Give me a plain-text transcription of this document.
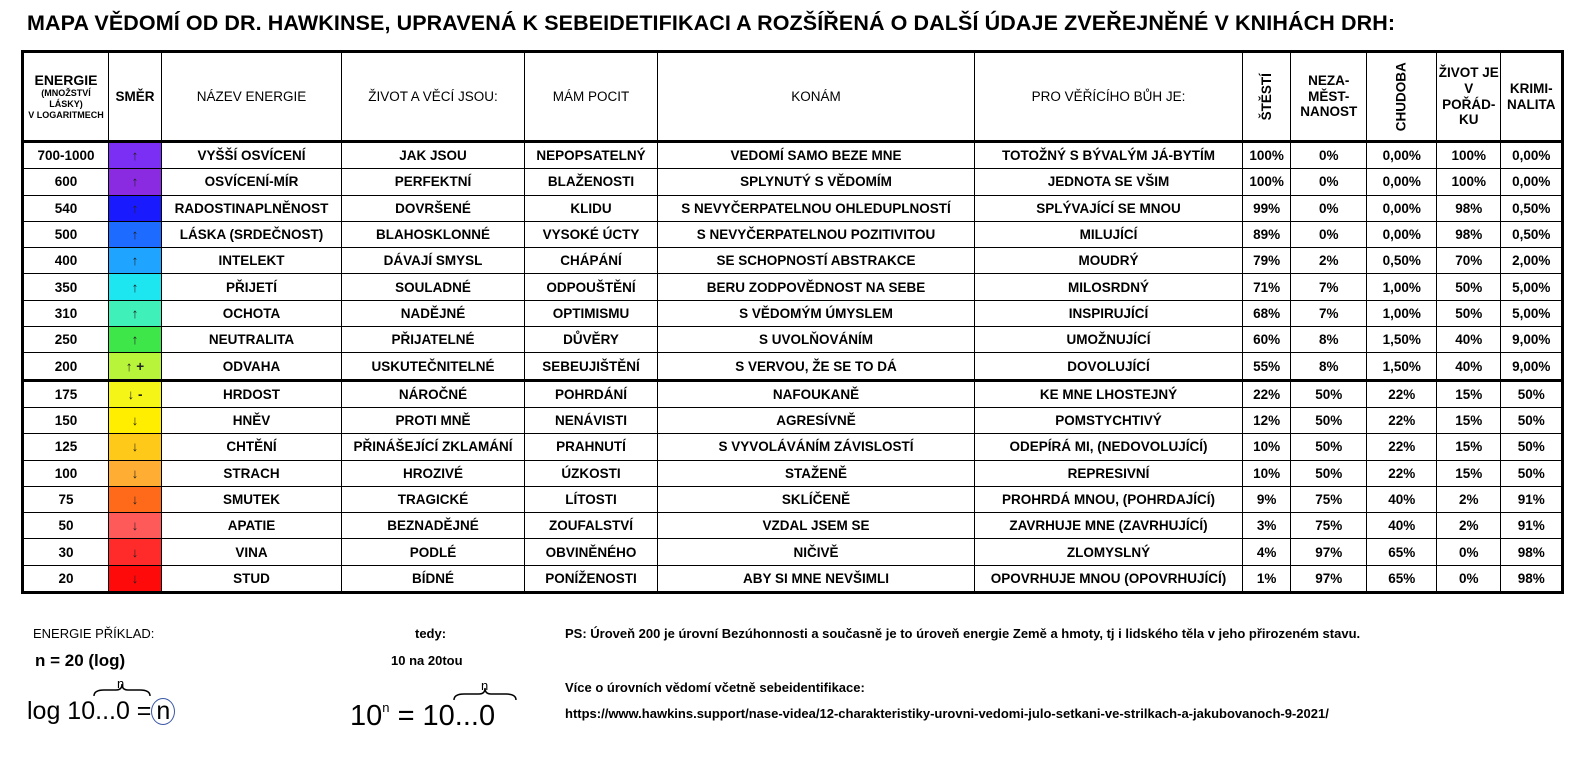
MAPA VĚDOMÍ OD DR. HAWKINSE, UPRAVENÁ K SEBEIDETIFIKACI A ROZŠÍŘENÁ O DALŠÍ ÚDAJE ZVEŘEJNĚNÉ V KNIHÁCH DRH:
ENERGIE
(MNOŽSTVÍ
LÁSKY)
V LOGARITMECH	SMĚR	NÁZEV ENERGIE	ŽIVOT A VĚCÍ JSOU:	MÁM POCIT	KONÁM	PRO VĚŘÍCÍHO BŮH JE:	ŠTĚSTÍ	NEZA- MĚST- NANOST	CHUDOBA	ŽIVOT JE V POŘÁD- KU	KRIMI- NALITA
700-1000	↑	VYŠŠÍ OSVÍCENÍ	JAK JSOU	NEPOPSATELNÝ	VEDOMÍ SAMO BEZE MNE	TOTOŽNÝ S BÝVALÝM JÁ-BYTÍM	100%	0%	0,00%	100%	0,00%
600	↑	OSVÍCENÍ-MÍR	PERFEKTNÍ	BLAŽENOSTI	SPLYNUTÝ S VĚDOMÍM	JEDNOTA SE VŠIM	100%	0%	0,00%	100%	0,00%
540	↑	RADOSTINAPLNĚNOST	DOVRŠENÉ	KLIDU	S NEVYČERPATELNOU OHLEDUPLNOSTÍ	SPLÝVAJÍCÍ SE MNOU	99%	0%	0,00%	98%	0,50%
500	↑	LÁSKA (SRDEČNOST)	BLAHOSKLONNÉ	VYSOKÉ ÚCTY	S NEVYČERPATELNOU POZITIVITOU	MILUJÍCÍ	89%	0%	0,00%	98%	0,50%
400	↑	INTELEKT	DÁVAJÍ SMYSL	CHÁPÁNÍ	SE SCHOPNOSTÍ ABSTRAKCE	MOUDRÝ	79%	2%	0,50%	70%	2,00%
350	↑	PŘIJETÍ	SOULADNÉ	ODPOUŠTĚNÍ	BERU ZODPOVĚDNOST NA SEBE	MILOSRDNÝ	71%	7%	1,00%	50%	5,00%
310	↑	OCHOTA	NADĚJNÉ	OPTIMISMU	S VĚDOMÝM ÚMYSLEM	INSPIRUJÍCÍ	68%	7%	1,00%	50%	5,00%
250	↑	NEUTRALITA	PŘIJATELNÉ	DŮVĚRY	S UVOLŇOVÁNÍM	UMOŽNUJÍCÍ	60%	8%	1,50%	40%	9,00%
200	↑ +	ODVAHA	USKUTEČNITELNÉ	SEBEUJIŠTĚNÍ	S VERVOU, ŽE SE TO DÁ	DOVOLUJÍCÍ	55%	8%	1,50%	40%	9,00%
175	↓ -	HRDOST	NÁROČNÉ	POHRDÁNÍ	NAFOUKANĚ	KE MNE LHOSTEJNÝ	22%	50%	22%	15%	50%
150	↓	HNĚV	PROTI MNĚ	NENÁVISTI	AGRESÍVNĚ	POMSTYCHTIVÝ	12%	50%	22%	15%	50%
125	↓	CHTĚNÍ	PŘINÁŠEJÍCÍ ZKLAMÁNÍ	PRAHNUTÍ	S VYVOLÁVÁNÍM ZÁVISLOSTÍ	ODEPÍRÁ MI, (NEDOVOLUJÍCÍ)	10%	50%	22%	15%	50%
100	↓	STRACH	HROZIVÉ	ÚZKOSTI	STAŽENĚ	REPRESIVNÍ	10%	50%	22%	15%	50%
75	↓	SMUTEK	TRAGICKÉ	LÍTOSTI	SKLÍČENĚ	PROHRDÁ MNOU, (POHRDAJÍCÍ)	9%	75%	40%	2%	91%
50	↓	APATIE	BEZNADĚJNÉ	ZOUFALSTVÍ	VZDAL JSEM SE	ZAVRHUJE MNE (ZAVRHUJÍCÍ)	3%	75%	40%	2%	91%
30	↓	VINA	PODLÉ	OBVINĚNÉHO	NIČIVĚ	ZLOMYSLNÝ	4%	97%	65%	0%	98%
20	↓	STUD	BÍDNÉ	PONÍŽENOSTI	ABY SI MNE NEVŠIMLI	OPOVRHUJE MNOU (OPOVRHUJÍCÍ)	1%	97%	65%	0%	98%
ENERGIE PŘÍKLAD:
n = 20 (log)
log 10...0 = n
n
tedy:
10 na 20tou
$10^n = 10...0$
n
PS: Úroveň 200 je úrovní Bezúhonnosti a současně je to úroveň energie Země a hmoty, tj i lidského těla v jeho přirozeném stavu.
Více o úrovních vědomí včetně sebeidentifikace:
https://www.hawkins.support/nase-videa/12-charakteristiky-urovni-vedomi-julo-setkani-ve-strilkach-a-jakubovanoch-9-2021/
